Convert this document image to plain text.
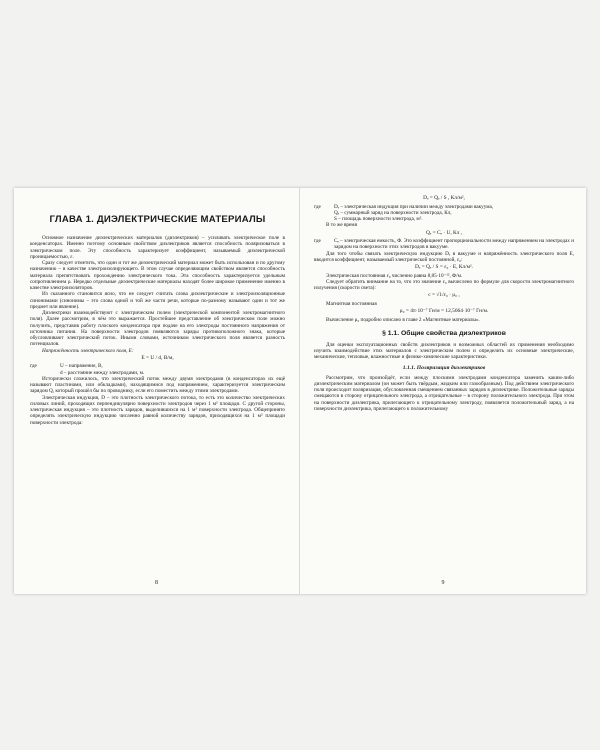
ГЛАВА 1. ДИЭЛЕКТРИЧЕСКИЕ МАТЕРИАЛЫ

Основное назначение диэлектрических материалов (диэлектриков) – усиливать электрическое поле в конденсаторах. Именно поэтому основным свойством диэлектриков является способность поляризоваться в электрическом поле. Эту способность характеризует коэффициент, называемый диэлектрической проницаемостью, ε.

Сразу следует отметить, что один и тот же диэлектрический материал может быть использован и по другому назначению – в качестве электроизолирующего. В этом случае определяющим свойством является способность материала препятствовать прохождению электрического тока. Эта способность характеризуется удельным сопротивлением ρ. Нередко отдельные диэлектрические материалы находят более широкое применение именно в качестве электроизоляторов.

Из сказанного становится ясно, что не следует считать слова диэлектрические и электроизоляционные синонимами (синонимы – это слова одной и той же части речи, которые по-разному называют один и тот же предмет или явление).

Диэлектрики взаимодействуют с электрическим полем (электрической компонентой электромагнитного поля). Далее рассмотрим, в чём это выражается. Простейшее представление об электрическом поле можно получить, представив работу плоского конденсатора при подаче на его электроды постоянного напряжения от источника питания. На поверхности электродов появляются заряды противоположного знака, которые обусловливают электрический поток. Иными словами, источником электрического поля является разность потенциалов.

Напряжённость электрического поля, E:

E = U / d, В/м,
где	U – напряжение, В,
d – расстояние между электродами, м.

Исторически сложилось, что электрический поток между двумя электродами (в конденсаторах их ещё называют пластинами, или обкладками), находящимися под напряжением, характеризуется электрическим зарядом Q, который прошёл бы по проводнику, если его поместить между этими электродами.

Электрическая индукция, D – это плотность электрического потока, то есть это количество электрических силовых линий, проходящих перпендикулярно поверхности электродов через 1 м² площади. С другой стороны, электрическая индукция – это плотность зарядов, выделившихся на 1 м² поверхности электрода. Общепринято определять электрическую индукцию численно равной количеству зарядов, приходящихся на 1 м² площади поверхности электрода:

8
Dₑ = Qₑ / S , Кл/м²,
где	Dₑ – электрическая индукция при наличии между электродами вакуума,
Qₑ – суммарный заряд на поверхности электрода, Кл,
S – площадь поверхности электрода, м².

В то же время

Qₑ = Cₑ · U, Кл ,
где	Cₑ – электрическая емкость, Ф. Это коэффициент пропорциональности между напряжением на электродах и зарядом на поверхности этих электродов в вакууме.

Для того чтобы связать электрическую индукцию Dₑ в вакууме и напряжённость электрического поля E, вводится коэффициент, называемый электрической постоянной, ε₀:

Dₑ = Qₑ / S = ε₀ · E, Кл/м².

Электрическая постоянная ε₀ численно равна 8,85·10⁻¹², Ф/м.

Следует обратить внимание на то, что это значение ε₀ вычислено по формуле для скорости электромагнитного излучения (скорости света):

c = √1/ε₀ · μ₀ ,

Магнитная постоянная

μ₀ = 4π·10⁻⁷ Гн/м = 12,5664·10⁻⁷ Гн/м.

Вычисление μ₀ подробно описано в главе 2 «Магнитные материалы».

§ 1.1. Общие свойства диэлектриков

Для оценки эксплуатационных свойств диэлектриков и возможных областей их применения необходимо изучить взаимодействие этих материалов с электрическим полем и определить их основные электрические, механические, тепловые, влажностные и физико-химические характеристики.

1.1.1. Поляризация диэлектриков

Рассмотрим, что произойдёт, если между плоскими электродами конденсатора заменить каким-либо диэлектрическим материалом (он может быть твёрдым, жидким или газообразным). Под действием электрического поля происходит поляризация, обусловленная смещением связанных зарядов в диэлектрике. Положительные заряды смещаются в сторону отрицательного электрода, а отрицательные – в сторону положительного электрода. При этом на поверхности диэлектрика, прилегающего к отрицательному электроду, появляется положительный заряд, а на поверхности диэлектрика, прилегающего к положительному

9
